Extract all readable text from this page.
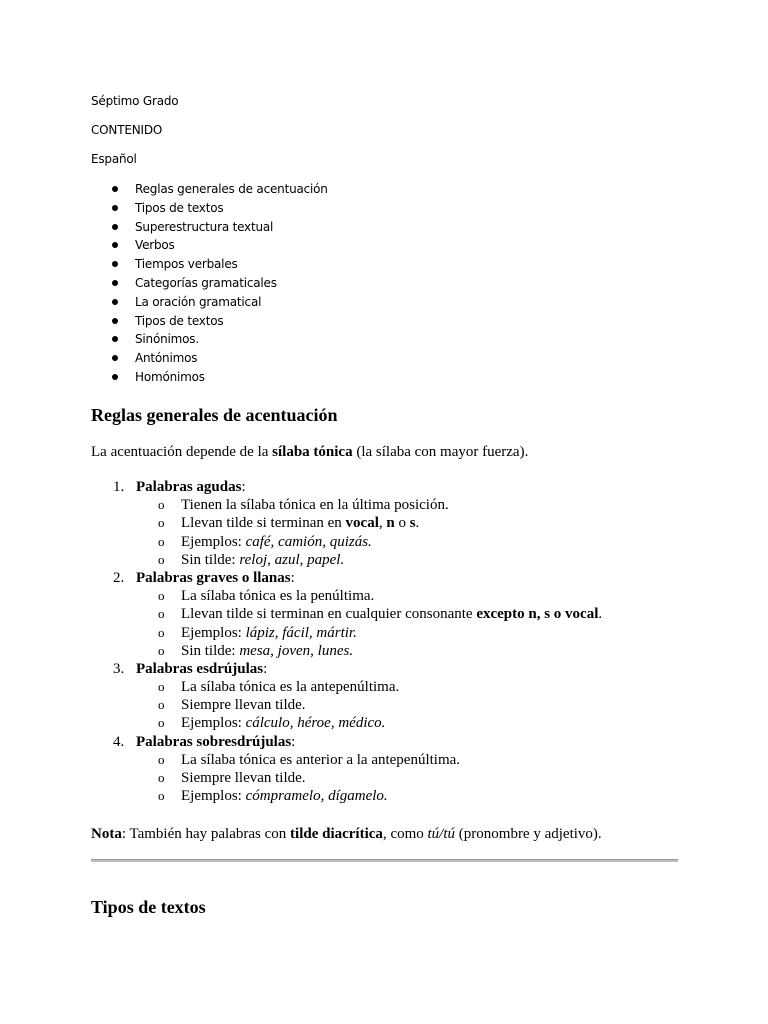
Séptimo Grado
CONTENIDO
Español
Reglas generales de acentuación
Tipos de textos
Superestructura textual
Verbos
Tiempos verbales
Categorías gramaticales
La oración gramatical
Tipos de textos
Sinónimos.
Antónimos
Homónimos
Reglas generales de acentuación
La acentuación depende de la sílaba tónica (la sílaba con mayor fuerza).
1. Palabras agudas:
o Tienen la sílaba tónica en la última posición.
o Llevan tilde si terminan en vocal, n o s.
o Ejemplos: café, camión, quizás.
o Sin tilde: reloj, azul, papel.
2. Palabras graves o llanas:
o La sílaba tónica es la penúltima.
o Llevan tilde si terminan en cualquier consonante excepto n, s o vocal.
o Ejemplos: lápiz, fácil, mártir.
o Sin tilde: mesa, joven, lunes.
3. Palabras esdrújulas:
o La sílaba tónica es la antepenúltima.
o Siempre llevan tilde.
o Ejemplos: cálculo, héroe, médico.
4. Palabras sobresdrújulas:
o La sílaba tónica es anterior a la antepenúltima.
o Siempre llevan tilde.
o Ejemplos: cómpramelo, dígamelo.
Nota: También hay palabras con tilde diacrítica, como tú/tú (pronombre y adjetivo).
Tipos de textos
